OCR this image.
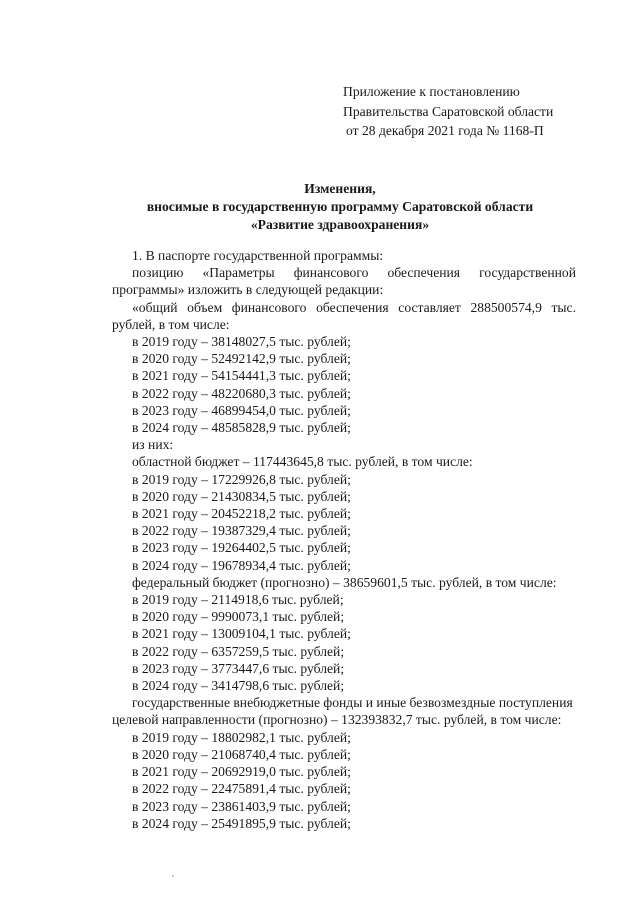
Приложение к постановлению
Правительства Саратовской области
от 28 декабря 2021 года № 1168-П
Изменения,
вносимые в государственную программу Саратовской области
«Развитие здравоохранения»

1. В паспорте государственной программы:

позицию «Параметры финансового обеспечения государственной программы» изложить в следующей редакции:

«общий объем финансового обеспечения составляет 288500574,9 тыс. рублей, в том числе:

в 2019 году – 38148027,5 тыс. рублей;

в 2020 году – 52492142,9 тыс. рублей;

в 2021 году – 54154441,3 тыс. рублей;

в 2022 году – 48220680,3 тыс. рублей;

в 2023 году – 46899454,0 тыс. рублей;

в 2024 году – 48585828,9 тыс. рублей;

из них:

областной бюджет – 117443645,8 тыс. рублей, в том числе:

в 2019 году – 17229926,8 тыс. рублей;

в 2020 году – 21430834,5 тыс. рублей;

в 2021 году – 20452218,2 тыс. рублей;

в 2022 году – 19387329,4 тыс. рублей;

в 2023 году – 19264402,5 тыс. рублей;

в 2024 году – 19678934,4 тыс. рублей;

федеральный бюджет (прогнозно) – 38659601,5 тыс. рублей, в том числе:

в 2019 году – 2114918,6 тыс. рублей;

в 2020 году – 9990073,1 тыс. рублей;

в 2021 году – 13009104,1 тыс. рублей;

в 2022 году – 6357259,5 тыс. рублей;

в 2023 году – 3773447,6 тыс. рублей;

в 2024 году – 3414798,6 тыс. рублей;

государственные внебюджетные фонды и иные безвозмездные поступления

целевой направленности (прогнозно) – 132393832,7 тыс. рублей, в том числе:

в 2019 году – 18802982,1 тыс. рублей;

в 2020 году – 21068740,4 тыс. рублей;

в 2021 году – 20692919,0 тыс. рублей;

в 2022 году – 22475891,4 тыс. рублей;

в 2023 году – 23861403,9 тыс. рублей;

в 2024 году – 25491895,9 тыс. рублей;
